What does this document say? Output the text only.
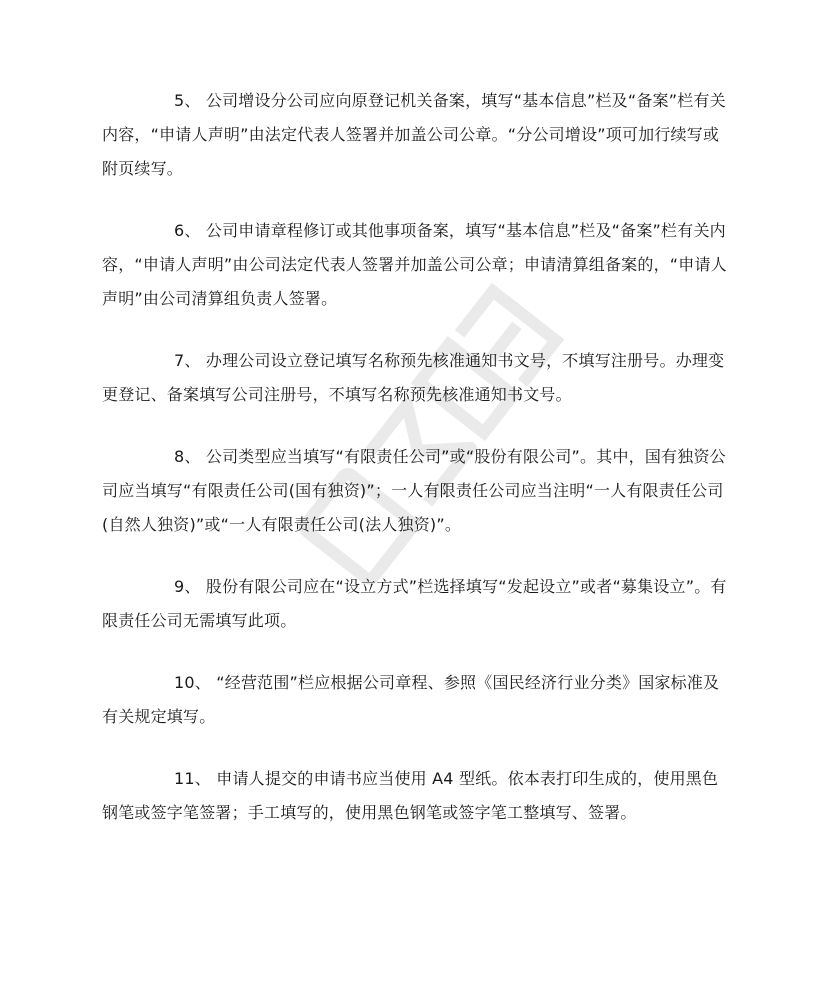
5、 公司增设分公司应向原登记机关备案，填写“基本信息”栏及“备案”栏有关内容，“申请人声明”由法定代表人签署并加盖公司公章。“分公司增设”项可加行续写或附页续写。

6、 公司申请章程修订或其他事项备案，填写“基本信息”栏及“备案”栏有关内容，“申请人声明”由公司法定代表人签署并加盖公司公章；申请清算组备案的，“申请人声明”由公司清算组负责人签署。

7、 办理公司设立登记填写名称预先核准通知书文号，不填写注册号。办理变更登记、备案填写公司注册号，不填写名称预先核准通知书文号。

8、 公司类型应当填写“有限责任公司”或“股份有限公司”。其中，国有独资公司应当填写“有限责任公司(国有独资)”；一人有限责任公司应当注明“一人有限责任公司(自然人独资)”或“一人有限责任公司(法人独资)”。

9、 股份有限公司应在“设立方式”栏选择填写“发起设立”或者“募集设立”。有限责任公司无需填写此项。

10、 “经营范围”栏应根据公司章程、参照《国民经济行业分类》国家标准及有关规定填写。

11、 申请人提交的申请书应当使用 A4 型纸。依本表打印生成的，使用黑色钢笔或签字笔签署；手工填写的，使用黑色钢笔或签字笔工整填写、签署。
